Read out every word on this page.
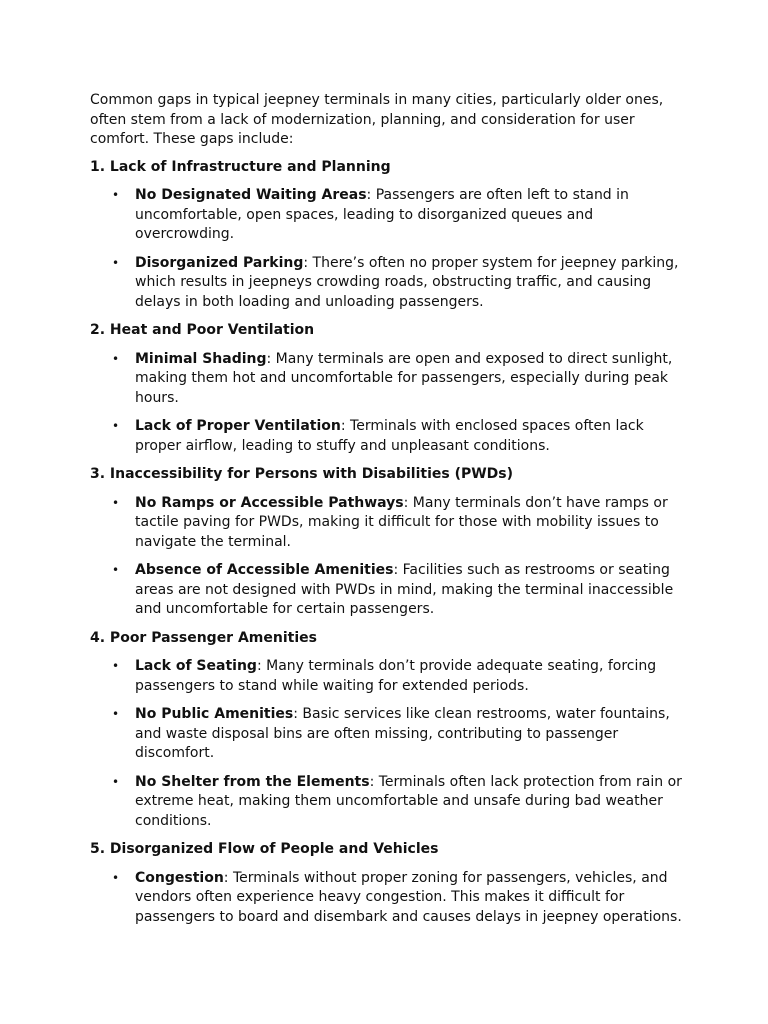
Common gaps in typical jeepney terminals in many cities, particularly older ones, often stem from a lack of modernization, planning, and consideration for user comfort. These gaps include:

1. Lack of Infrastructure and Planning

• No Designated Waiting Areas: Passengers are often left to stand in uncomfortable, open spaces, leading to disorganized queues and overcrowding.
• Disorganized Parking: There’s often no proper system for jeepney parking, which results in jeepneys crowding roads, obstructing traffic, and causing delays in both loading and unloading passengers.

2. Heat and Poor Ventilation

• Minimal Shading: Many terminals are open and exposed to direct sunlight, making them hot and uncomfortable for passengers, especially during peak hours.
• Lack of Proper Ventilation: Terminals with enclosed spaces often lack proper airflow, leading to stuffy and unpleasant conditions.

3. Inaccessibility for Persons with Disabilities (PWDs)

• No Ramps or Accessible Pathways: Many terminals don’t have ramps or tactile paving for PWDs, making it difficult for those with mobility issues to navigate the terminal.
• Absence of Accessible Amenities: Facilities such as restrooms or seating areas are not designed with PWDs in mind, making the terminal inaccessible and uncomfortable for certain passengers.

4. Poor Passenger Amenities

• Lack of Seating: Many terminals don’t provide adequate seating, forcing passengers to stand while waiting for extended periods.
• No Public Amenities: Basic services like clean restrooms, water fountains, and waste disposal bins are often missing, contributing to passenger discomfort.
• No Shelter from the Elements: Terminals often lack protection from rain or extreme heat, making them uncomfortable and unsafe during bad weather conditions.

5. Disorganized Flow of People and Vehicles

• Congestion: Terminals without proper zoning for passengers, vehicles, and vendors often experience heavy congestion. This makes it difficult for passengers to board and disembark and causes delays in jeepney operations.
